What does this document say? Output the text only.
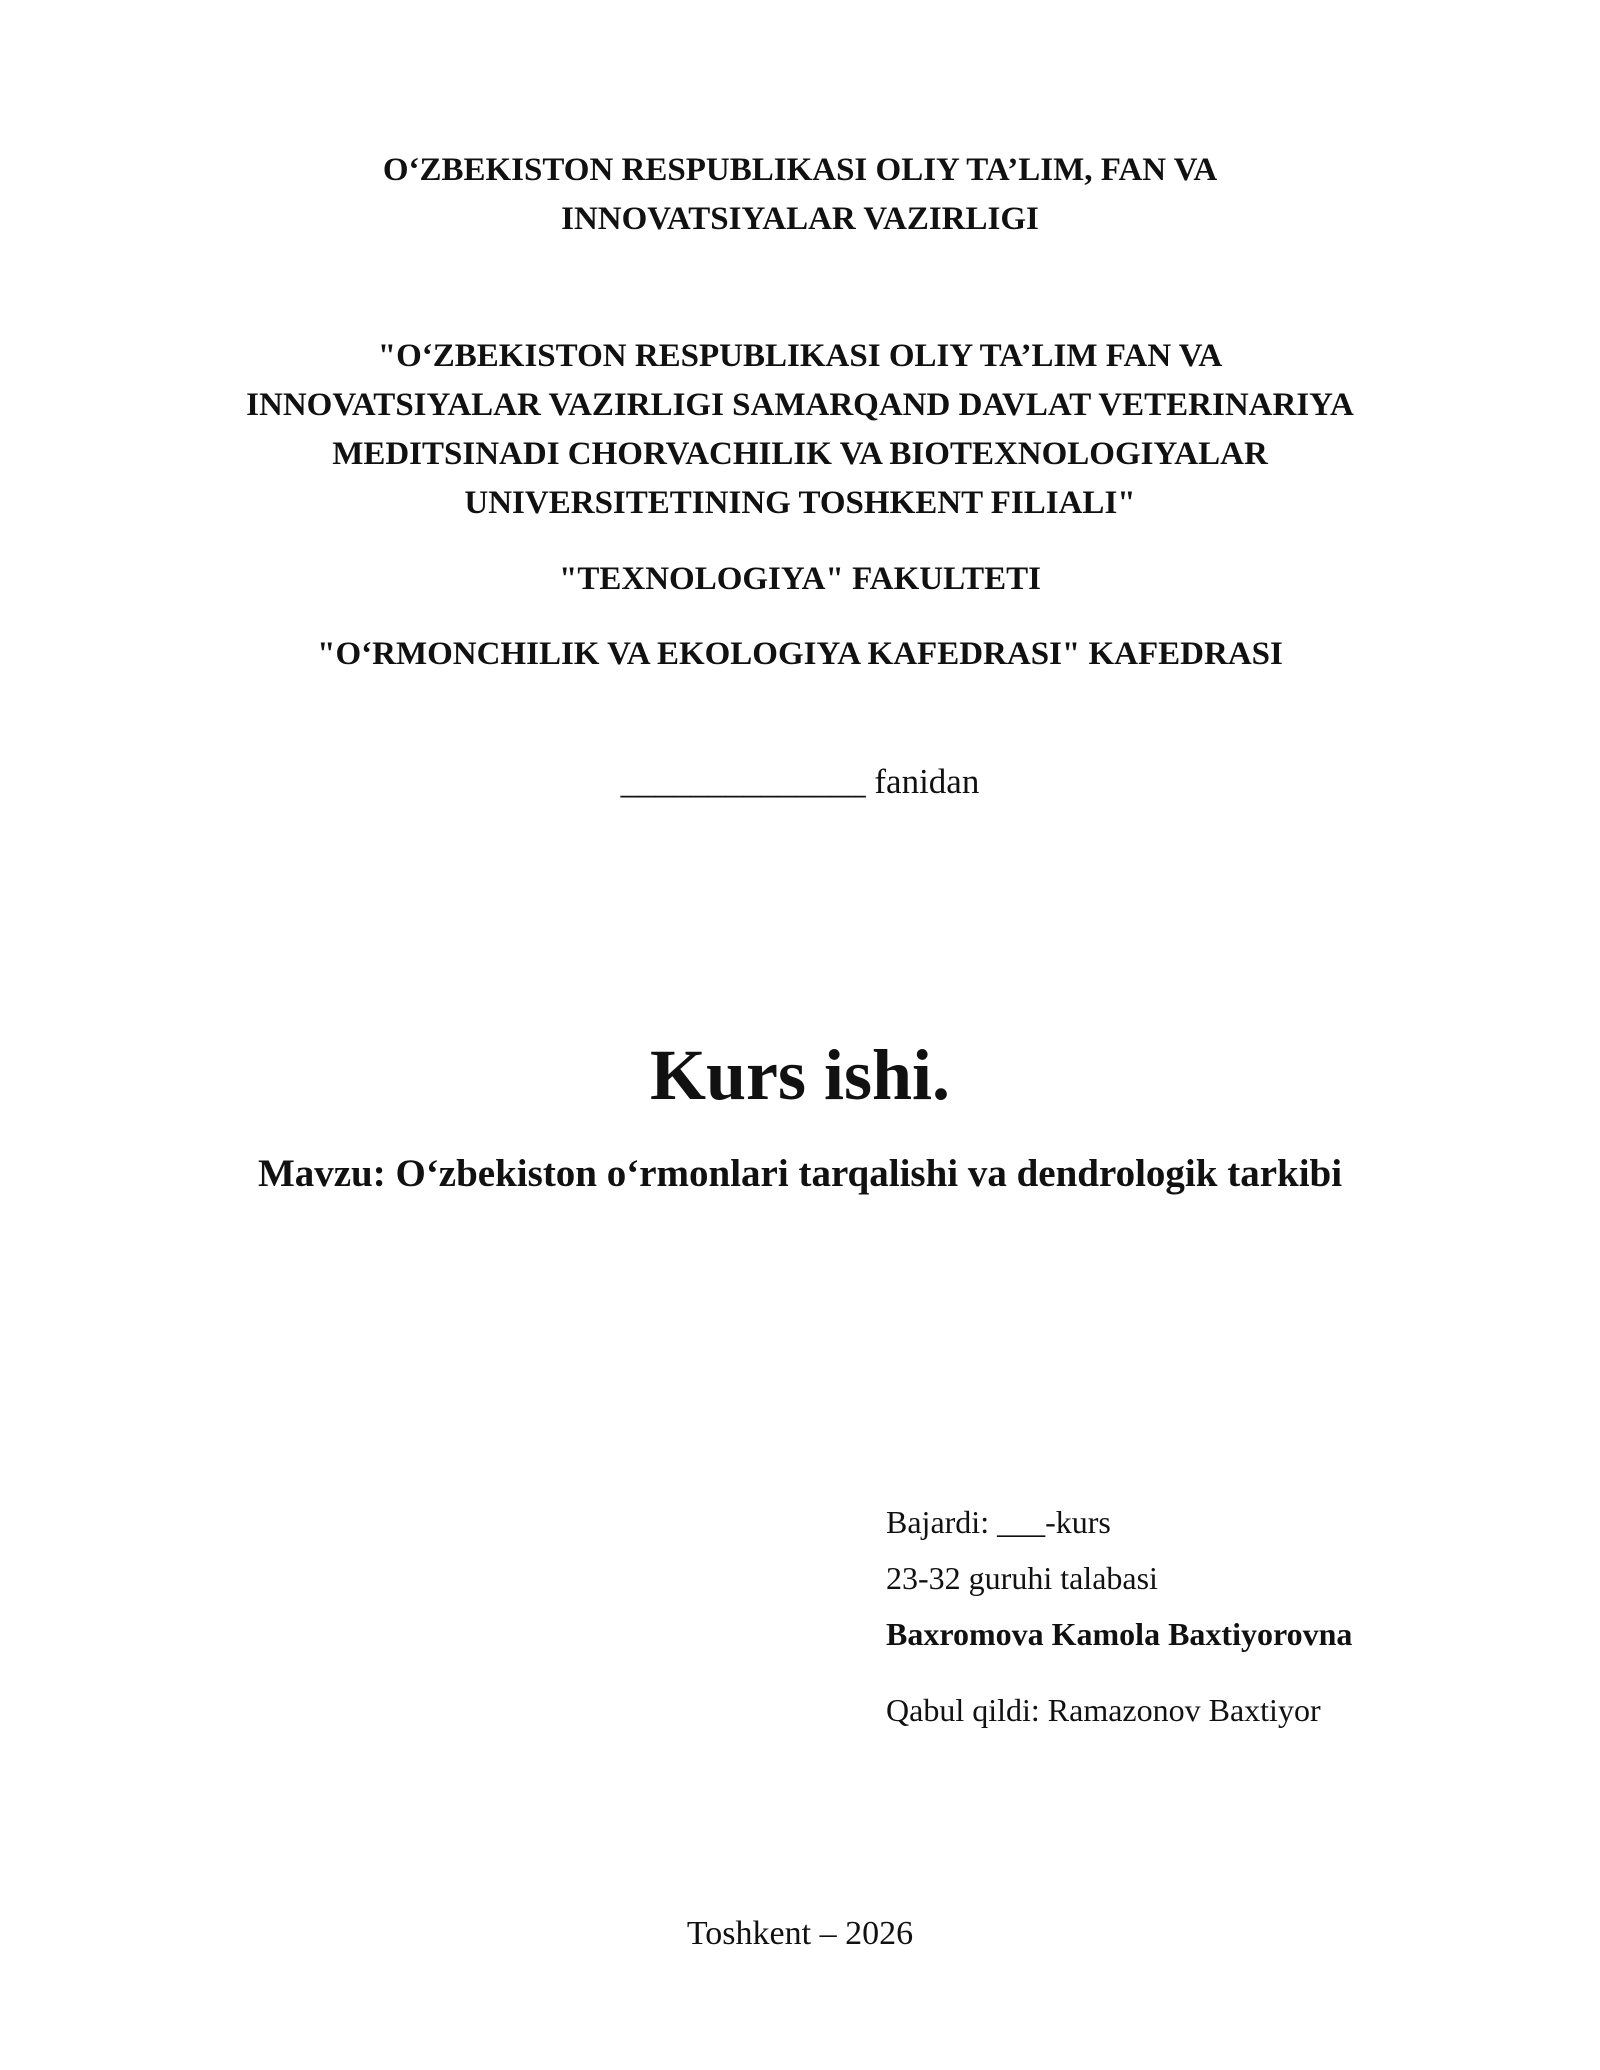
O‘ZBEKISTON RESPUBLIKASI OLIY TA’LIM, FAN VA
INNOVATSIYALAR VAZIRLIGI
"O‘ZBEKISTON RESPUBLIKASI OLIY TA’LIM FAN VA
INNOVATSIYALAR VAZIRLIGI SAMARQAND DAVLAT VETERINARIYA
MEDITSINADI CHORVACHILIK VA BIOTEXNOLOGIYALAR
UNIVERSITETINING TOSHKENT FILIALI"
"TEXNOLOGIYA" FAKULTETI
"O‘RMONCHILIK VA EKOLOGIYA KAFEDRASI" KAFEDRASI
______________ fanidan
Kurs ishi.
Mavzu: O‘zbekiston o‘rmonlari tarqalishi va dendrologik tarkibi
Bajardi: ___-kurs
23-32 guruhi talabasi
Baxromova Kamola Baxtiyorovna
Qabul qildi: Ramazonov Baxtiyor
Toshkent – 2026
